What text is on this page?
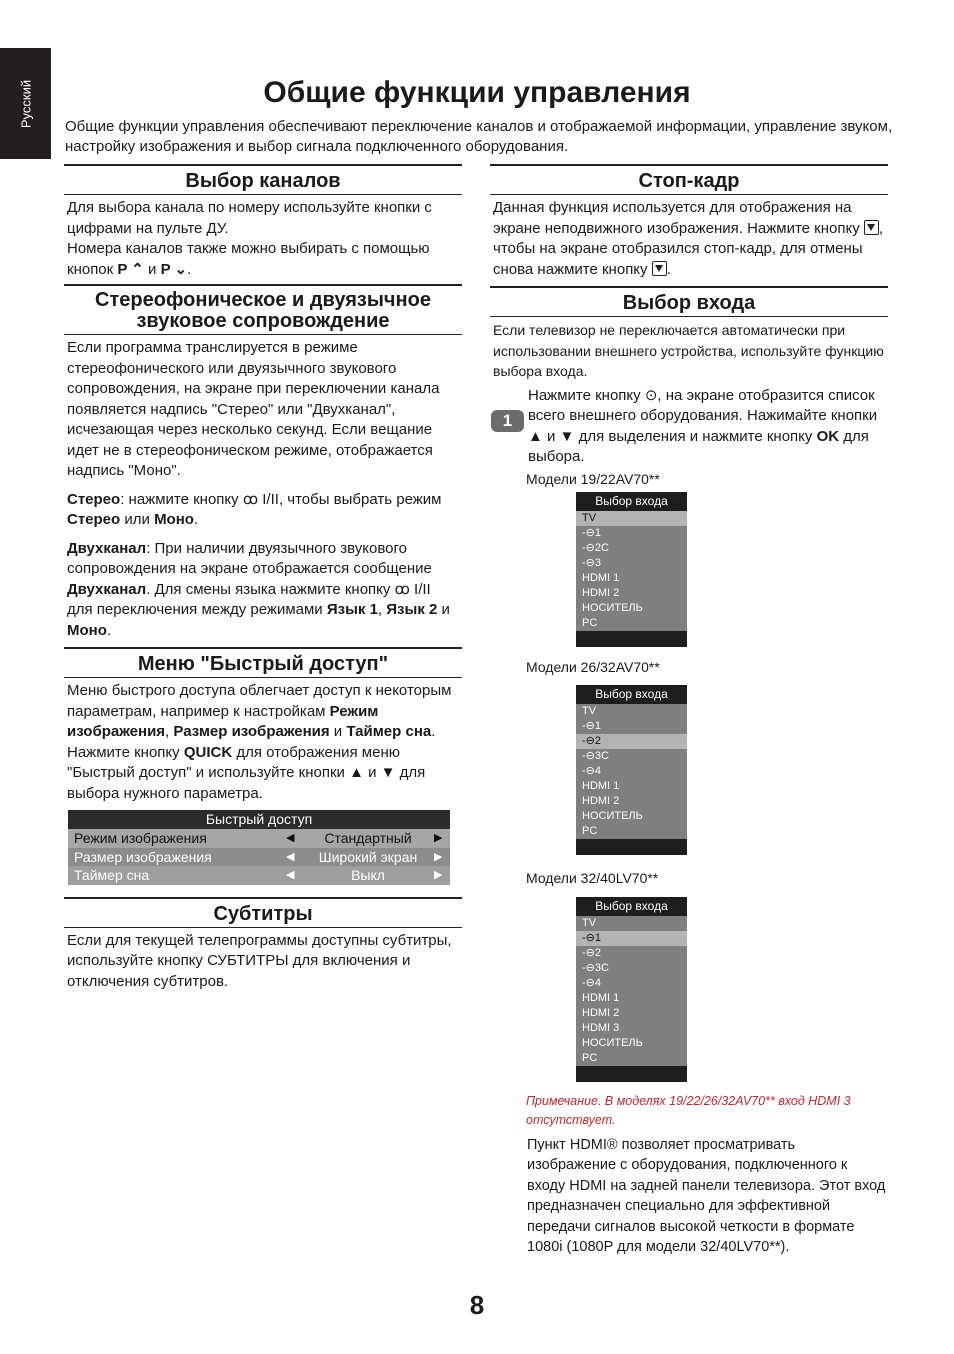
Русский	Общие функции управления

Общие функции управления обеспечивают переключение каналов и отображаемой информации, управление звуком, настройку изображения и выбор сигнала подключенного оборудования.

Выбор каналов
Для выбора канала по номеру используйте кнопки с цифрами на пульте ДУ.
Номера каналов также можно выбирать с помощью кнопок P ⌃ и P ⌄.
Стереофоническое и двуязычное
звуковое сопровождение

Если программа транслируется в режиме стереофонического или двуязычного звукового сопровождения, на экране при переключении канала появляется надпись "Стерео" или "Двухканал", исчезающая через несколько секунд. Если вещание идет не в стереофоническом режиме, отображается надпись "Моно".

Стерео: нажмите кнопку ꝏ I/II, чтобы выбрать режим Стерео или Моно.

Двухканал: При наличии двуязычного звукового сопровождения на экране отображается сообщение Двухканал. Для смены языка нажмите кнопку ꝏ I/II для переключения между режимами Язык 1, Язык 2 и Моно.

Меню "Быстрый доступ"

Меню быстрого доступа облегчает доступ к некоторым параметрам, например к настройкам Режим изображения, Размер изображения и Таймер сна. Нажмите кнопку QUICK для отображения меню "Быстрый доступ" и используйте кнопки ▲ и ▼ для выбора нужного параметра.

Быстрый доступ
Режим изображения	◀	Стандартный	▶
Размер изображения	◀	Широкий экран	▶
Таймер сна	◀	Выкл	▶
Субтитры

Если для текущей телепрограммы доступны субтитры, используйте кнопку СУБТИТРЫ для включения и отключения субтитров.

Стоп-кадр

Данная функция используется для отображения на экране неподвижного изображения. Нажмите кнопку , чтобы на экране отобразился стоп-кадр, для отмены снова нажмите кнопку .

Выбор входа

Если телевизор не переключается автоматически при использовании внешнего устройства, используйте функцию выбора входа.

1
Нажмите кнопку ⊙, на экране отобразится список всего внешнего оборудования. Нажимайте кнопки ▲ и ▼ для выделения и нажмите кнопку OK для выбора.
Модели 19/22AV70**
Выбор входа
TV
-⊖1
-⊖2C
-⊖3
HDMI 1
HDMI 2
НОСИТЕЛЬ
PC
Модели 26/32AV70**
Выбор входа
TV
-⊖1
-⊖2
-⊖3C
-⊖4
HDMI 1
HDMI 2
НОСИТЕЛЬ
PC
Модели 32/40LV70**
Выбор входа
TV
-⊖1
-⊖2
-⊖3C
-⊖4
HDMI 1
HDMI 2
HDMI 3
НОСИТЕЛЬ
PC

Примечание. В моделях 19/22/26/32AV70** вход HDMI 3 отсутствует.

Пункт HDMI® позволяет просматривать изображение с оборудования, подключенного к входу HDMI на задней панели телевизора. Этот вход предназначен специально для эффективной передачи сигналов высокой четкости в формате 1080i (1080P для модели 32/40LV70**).

8
